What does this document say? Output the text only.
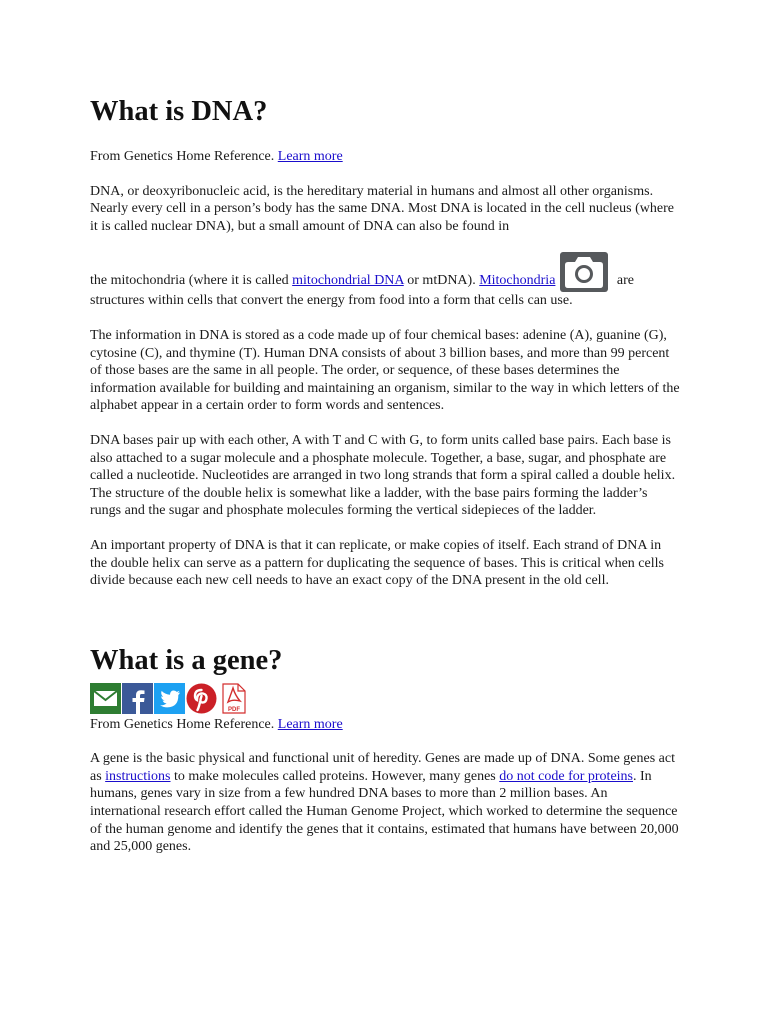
What is DNA?

From Genetics Home Reference. Learn more

DNA, or deoxyribonucleic acid, is the hereditary material in humans and almost all other organisms. Nearly every cell in a person’s body has the same DNA. Most DNA is located in the cell nucleus (where it is called nuclear DNA), but a small amount of DNA can also be found in

the mitochondria (where it is called mitochondrial DNA or mtDNA). Mitochondria	are structures within cells that convert the energy from food into a form that cells can use.

The information in DNA is stored as a code made up of four chemical bases: adenine (A), guanine (G), cytosine (C), and thymine (T). Human DNA consists of about 3 billion bases, and more than 99 percent of those bases are the same in all people. The order, or sequence, of these bases determines the information available for building and maintaining an organism, similar to the way in which letters of the alphabet appear in a certain order to form words and sentences.

DNA bases pair up with each other, A with T and C with G, to form units called base pairs. Each base is also attached to a sugar molecule and a phosphate molecule. Together, a base, sugar, and phosphate are called a nucleotide. Nucleotides are arranged in two long strands that form a spiral called a double helix. The structure of the double helix is somewhat like a ladder, with the base pairs forming the ladder’s rungs and the sugar and phosphate molecules forming the vertical sidepieces of the ladder.

An important property of DNA is that it can replicate, or make copies of itself. Each strand of DNA in the double helix can serve as a pattern for duplicating the sequence of bases. This is critical when cells divide because each new cell needs to have an exact copy of the DNA present in the old cell.

What is a gene?
PDF

From Genetics Home Reference. Learn more

A gene is the basic physical and functional unit of heredity. Genes are made up of DNA. Some genes act as instructions to make molecules called proteins. However, many genes do not code for proteins. In humans, genes vary in size from a few hundred DNA bases to more than 2 million bases. An international research effort called the Human Genome Project, which worked to determine the sequence of the human genome and identify the genes that it contains, estimated that humans have between 20,000 and 25,000 genes.
